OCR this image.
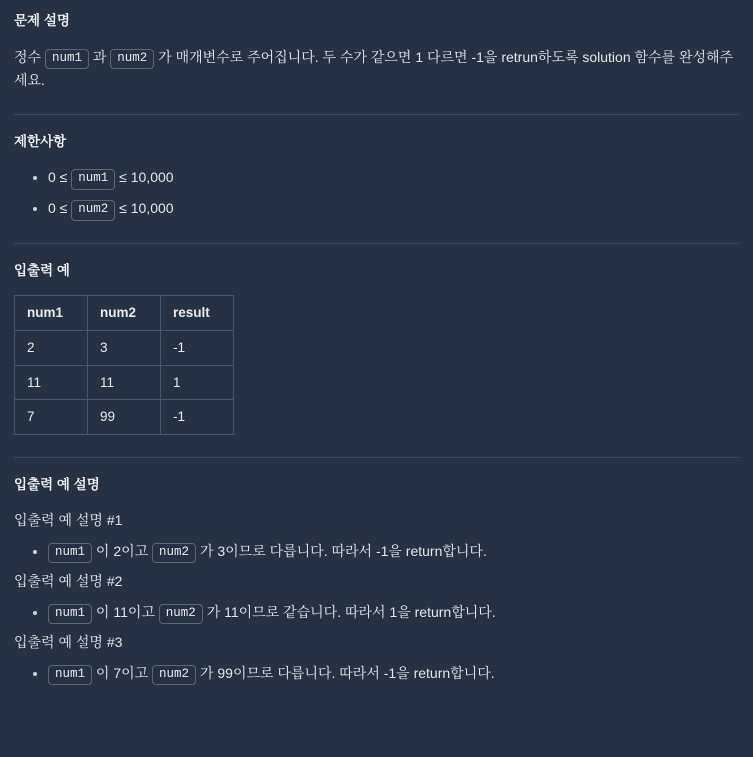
문제 설명

정수 num1 과 num2 가 매개변수로 주어집니다. 두 수가 같으면 1 다르면 -1을 retrun하도록 solution 함수를 완성해주세요.

제한사항
• 0 ≤ num1 ≤ 10,000
• 0 ≤ num2 ≤ 10,000
입출력 예
num1	num2	result
2	3	-1
11	11	1
7	99	-1
입출력 예 설명
입출력 예 설명 #1
• num1 이 2이고 num2 가 3이므로 다릅니다. 따라서 -1을 return합니다.
입출력 예 설명 #2
• num1 이 11이고 num2 가 11이므로 같습니다. 따라서 1을 return합니다.
입출력 예 설명 #3
• num1 이 7이고 num2 가 99이므로 다릅니다. 따라서 -1을 return합니다.
